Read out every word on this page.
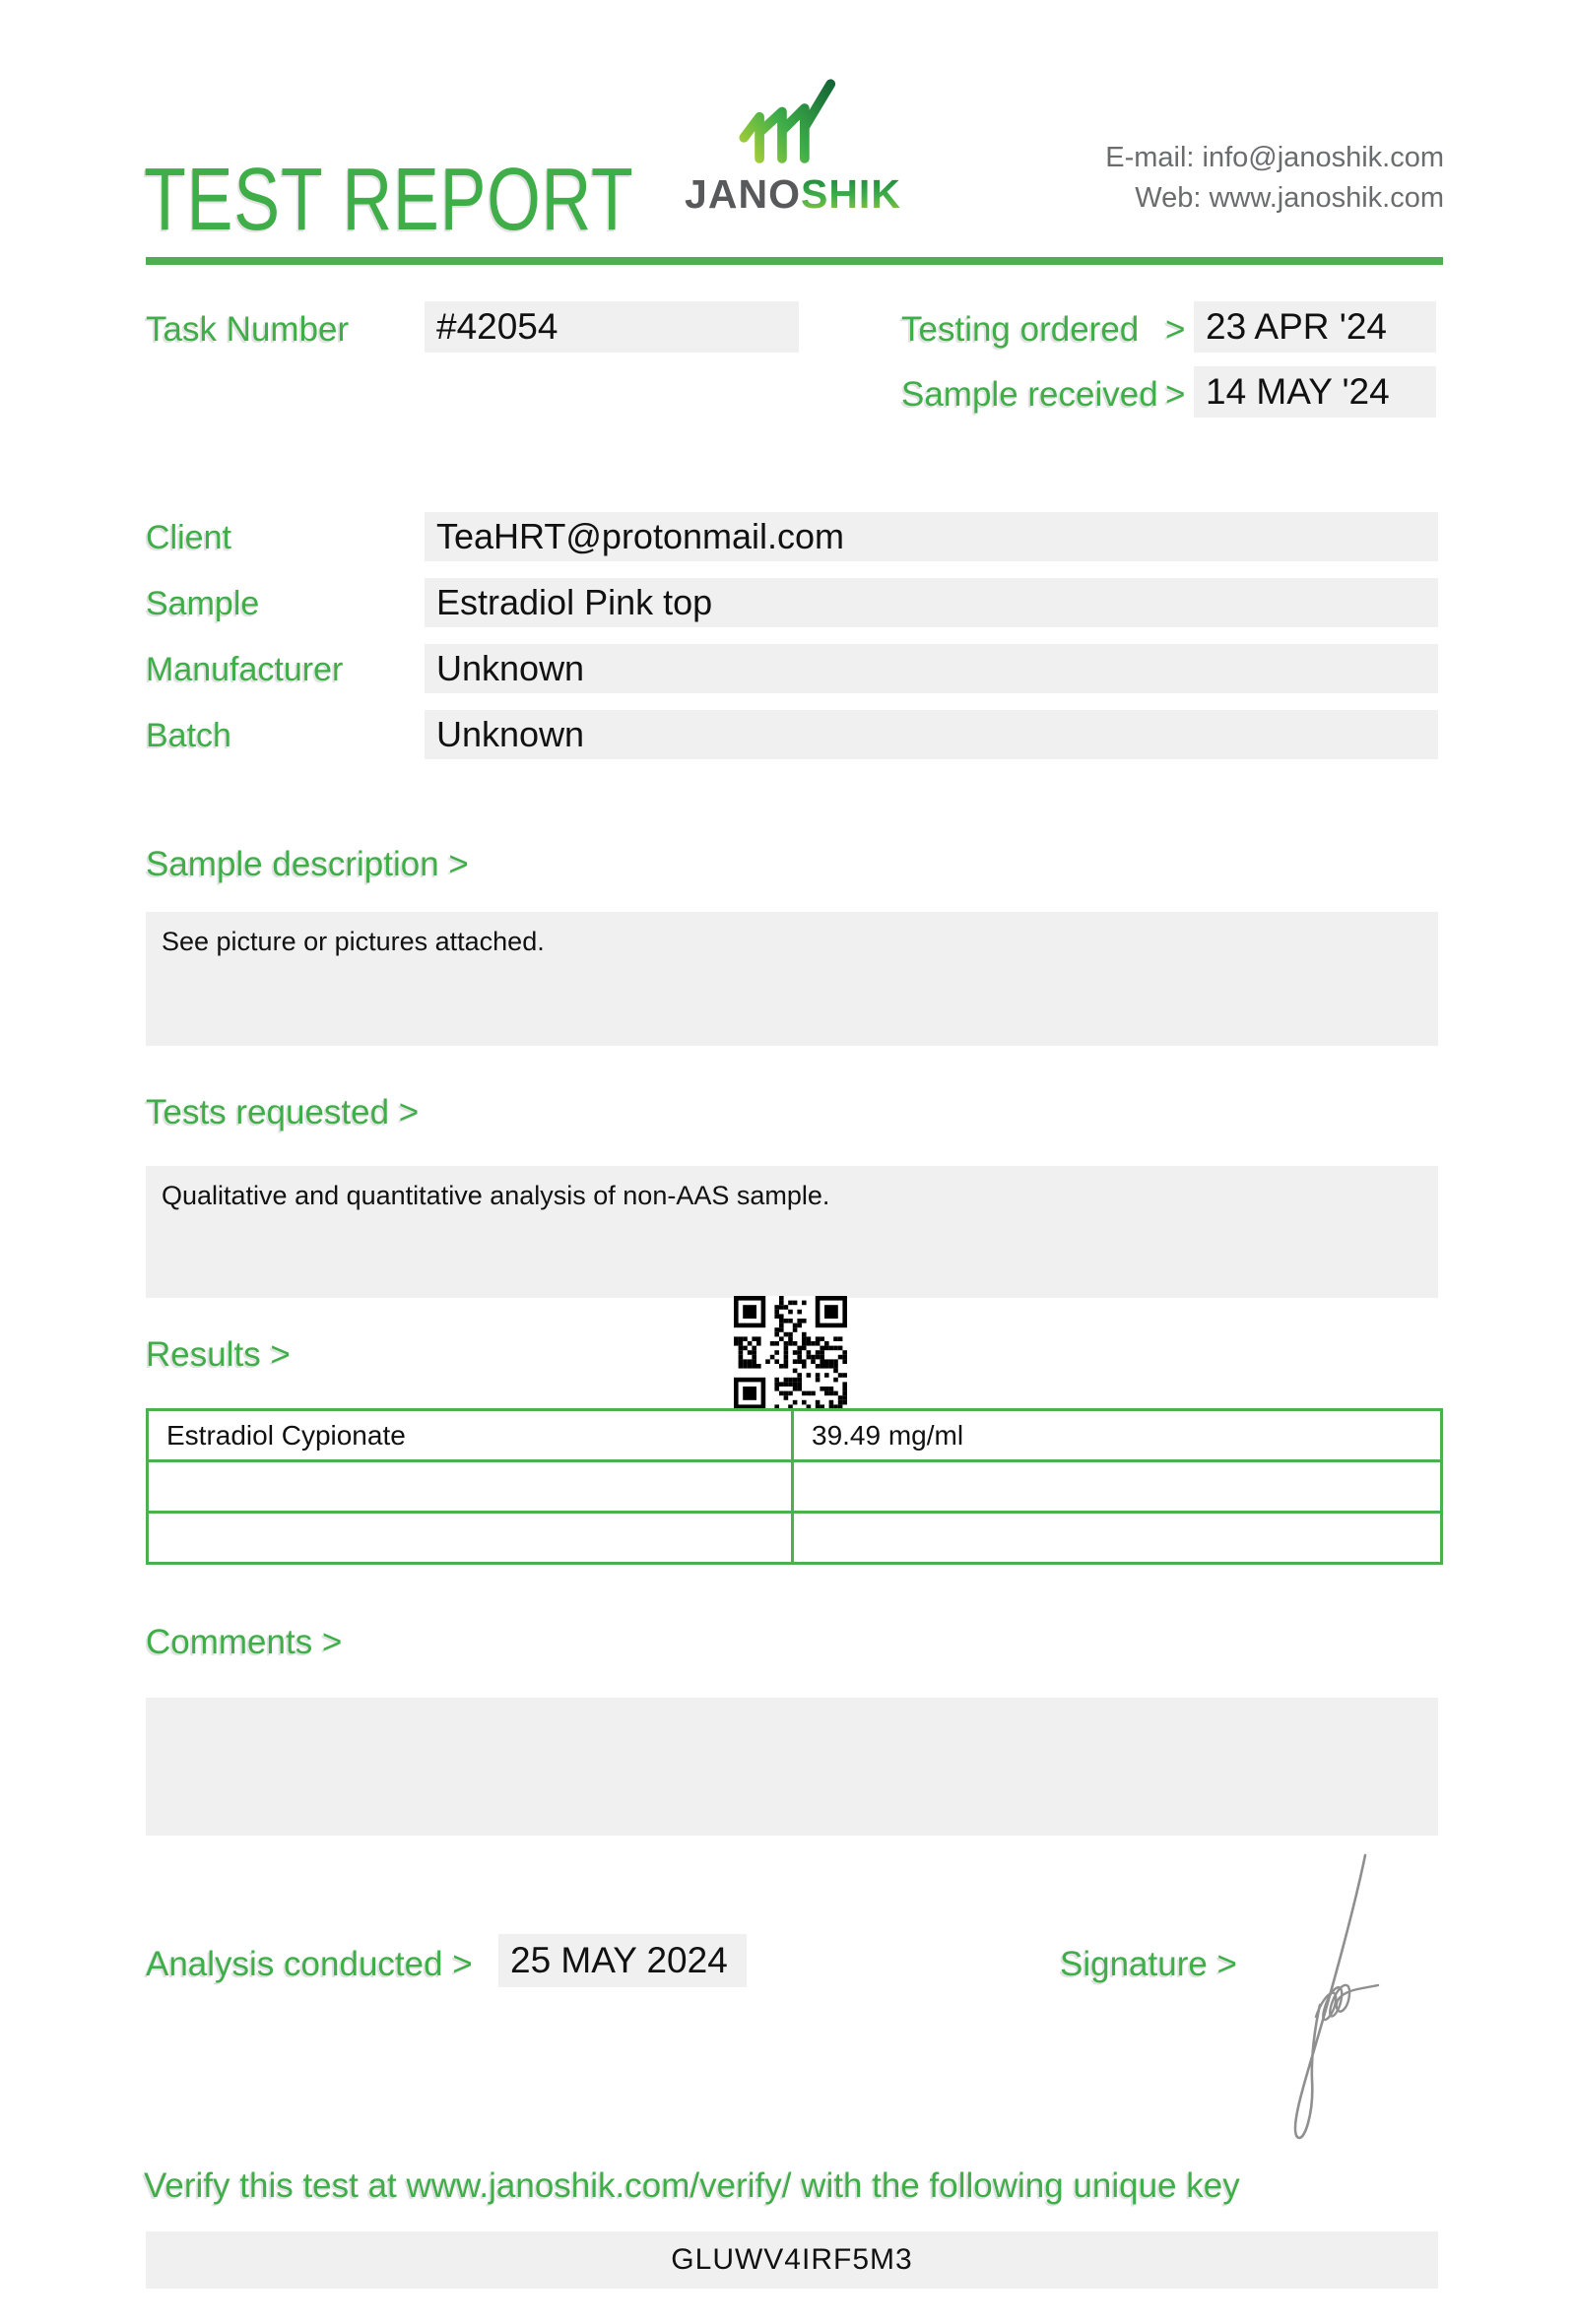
TEST REPORT JANOSHIK
E-mail: info@janoshik.com
Web: www.janoshik.com
Task Number #42054	Testing ordered > 23 APR '24
Sample received > 14 MAY '24
Client	TeaHRT@protonmail.com
Sample	Estradiol Pink top
Manufacturer	Unknown
Batch	Unknown
Sample description >
See picture or pictures attached.
Tests requested >
Qualitative and quantitative analysis of non-AAS sample.
Results >
Estradiol Cypionate	39.49 mg/ml

Comments >
Analysis conducted > 25 MAY 2024	Signature >
Verify this test at www.janoshik.com/verify/ with the following unique key
GLUWV4IRF5M3
